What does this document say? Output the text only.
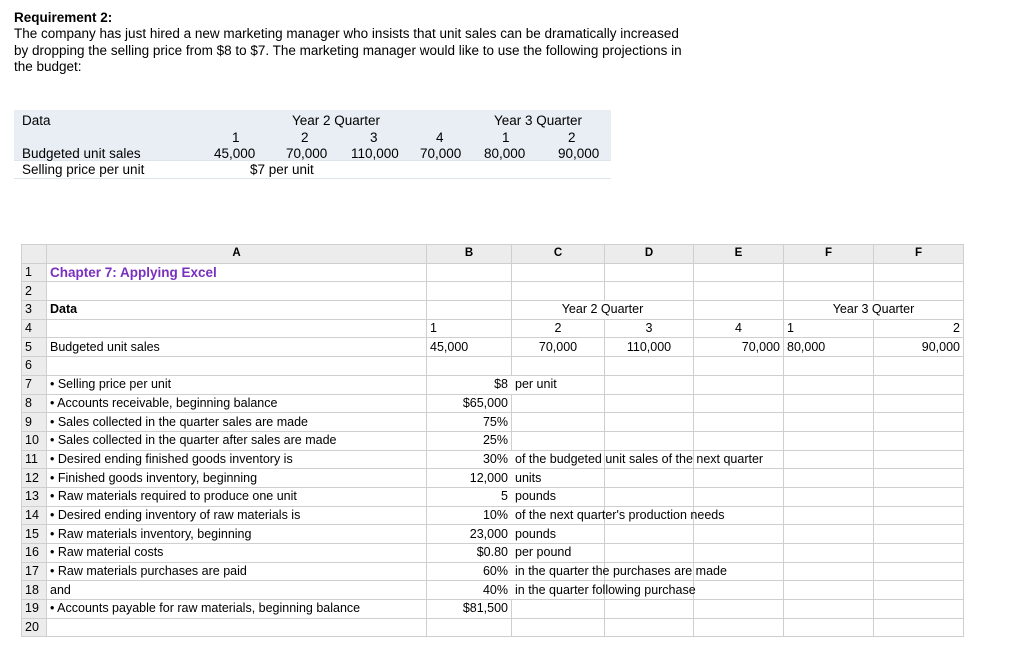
Requirement 2:
The company has just hired a new marketing manager who insists that unit sales can be dramatically increased by dropping the selling price from $8 to $7. The marketing manager would like to use the following projections in the budget:
Data	Year 2 Quarter	Year 3 Quarter
1	2	3	4	1	2
Budgeted unit sales	45,000 70,000 110,000 70,000 80,000 90,000
Selling price per unit	$7 per unit
	A	B	C	D	E	F	F
1	Chapter 7: Applying Excel						
2							
3	Data		Year 2 Quarter			Year 3 Quarter	
4		1	2	3	4	1	2
5	Budgeted unit sales	45,000	70,000	110,000	70,000	80,000	90,000
6							
7	• Selling price per unit	$8	per unit				
8	• Accounts receivable, beginning balance	$65,000					
9	• Sales collected in the quarter sales are made	75%					
10	• Sales collected in the quarter after sales are made	25%					
11	• Desired ending finished goods inventory is	30%	of the budgeted unit sales of the next quarter				
12	• Finished goods inventory, beginning	12,000	units				
13	• Raw materials required to produce one unit	5	pounds				
14	• Desired ending inventory of raw materials is	10%	of the next quarter's production needs				
15	• Raw materials inventory, beginning	23,000	pounds				
16	• Raw material costs	$0.80	per pound				
17	• Raw materials purchases are paid	60%	in the quarter the purchases are made				
18	and	40%	in the quarter following purchase				
19	• Accounts payable for raw materials, beginning balance	$81,500					
20							
